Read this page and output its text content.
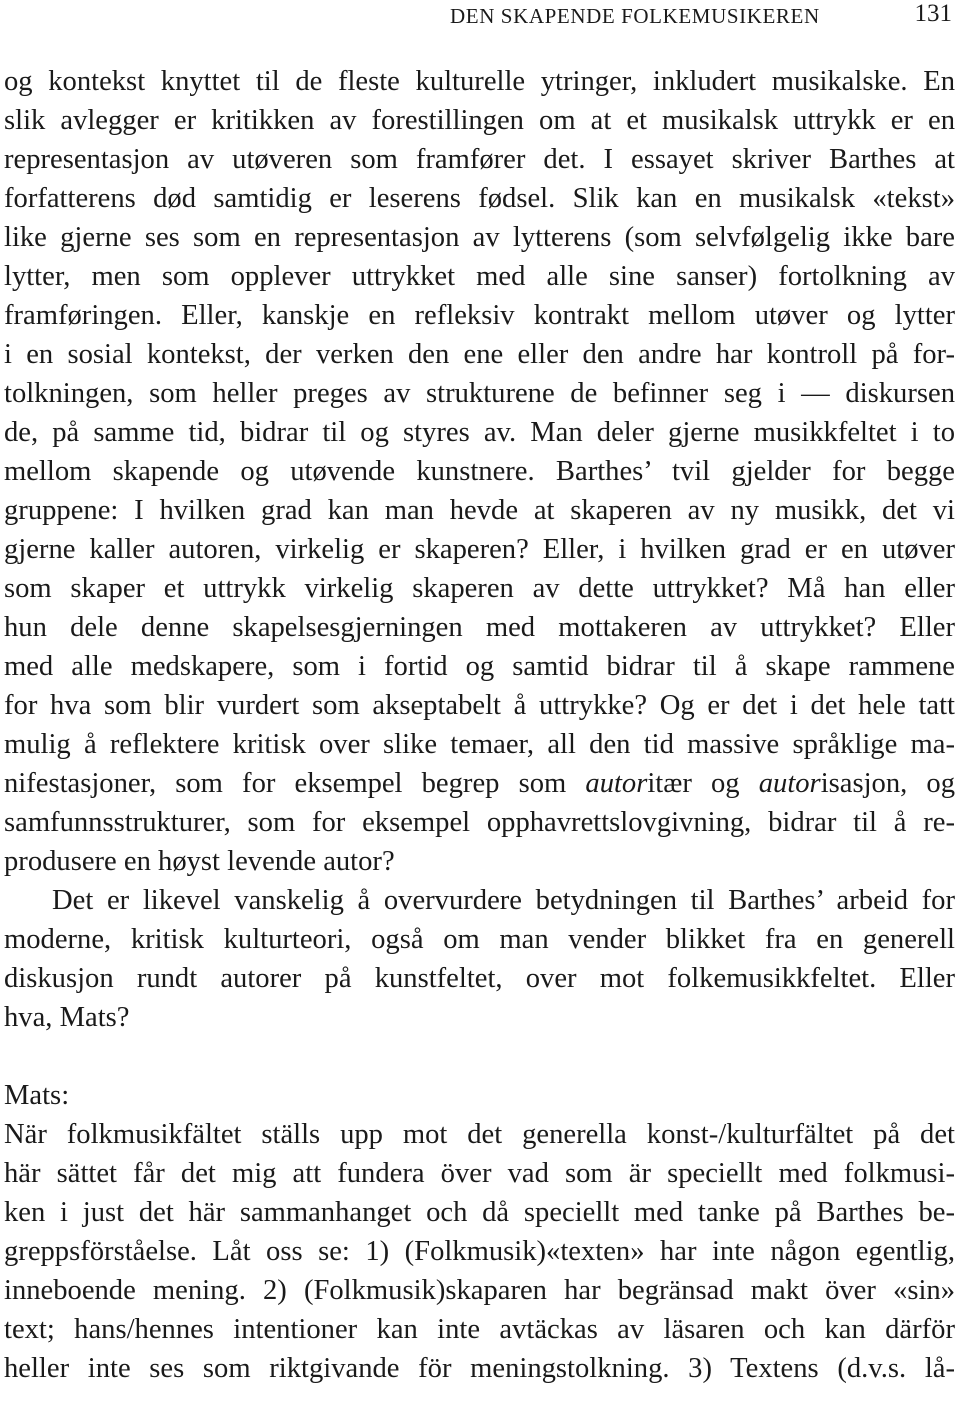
DEN SKAPENDE FOLKEMUSIKEREN	131
og kontekst knyttet til de fleste kulturelle ytringer, inkludert musikalske. En
slik avlegger er kritikken av forestillingen om at et musikalsk uttrykk er en
representasjon av utøveren som framfører det. I essayet skriver Barthes at
forfatterens død samtidig er leserens fødsel. Slik kan en musikalsk «tekst»
like gjerne ses som en representasjon av lytterens (som selvfølgelig ikke bare
lytter, men som opplever uttrykket med alle sine sanser) fortolkning av
framføringen. Eller, kanskje en refleksiv kontrakt mellom utøver og lytter
i en sosial kontekst, der verken den ene eller den andre har kontroll på for-
tolkningen, som heller preges av strukturene de befinner seg i — diskursen
de, på samme tid, bidrar til og styres av. Man deler gjerne musikkfeltet i to
mellom skapende og utøvende kunstnere. Barthes’ tvil gjelder for begge
gruppene: I hvilken grad kan man hevde at skaperen av ny musikk, det vi
gjerne kaller autoren, virkelig er skaperen? Eller, i hvilken grad er en utøver
som skaper et uttrykk virkelig skaperen av dette uttrykket? Må han eller
hun dele denne skapelsesgjerningen med mottakeren av uttrykket? Eller
med alle medskapere, som i fortid og samtid bidrar til å skape rammene
for hva som blir vurdert som akseptabelt å uttrykke? Og er det i det hele tatt
mulig å reflektere kritisk over slike temaer, all den tid massive språklige ma-
nifestasjoner, som for eksempel begrep som autoritær og autorisasjon, og
samfunnsstrukturer, som for eksempel opphavrettslovgivning, bidrar til å re-
produsere en høyst levende autor?
Det er likevel vanskelig å overvurdere betydningen til Barthes’ arbeid for
moderne, kritisk kulturteori, også om man vender blikket fra en generell
diskusjon rundt autorer på kunstfeltet, over mot folkemusikkfeltet. Eller
hva, Mats?
Mats:
När folkmusikfältet ställs upp mot det generella konst-/kulturfältet på det
här sättet får det mig att fundera över vad som är speciellt med folkmusi-
ken i just det här sammanhanget och då speciellt med tanke på Barthes be-
greppsförståelse. Låt oss se: 1) (Folkmusik)«texten» har inte någon egentlig,
inneboende mening. 2) (Folkmusik)skaparen har begränsad makt över «sin»
text; hans/hennes intentioner kan inte avtäckas av läsaren och kan därför
heller inte ses som riktgivande för meningstolkning. 3) Textens (d.v.s. lå-
